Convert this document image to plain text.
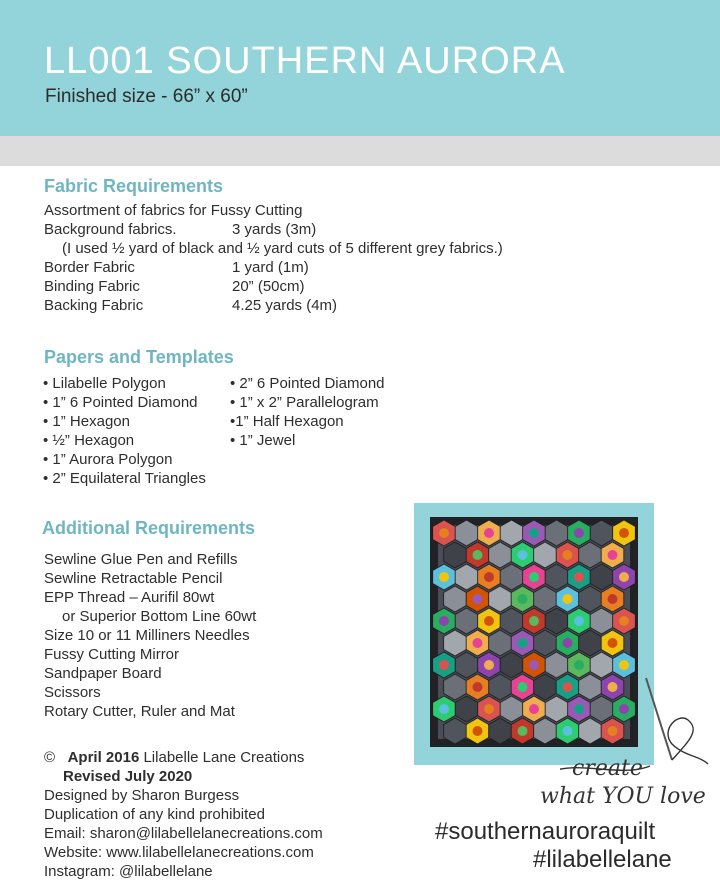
LL001 SOUTHERN AURORA
Finished size - 66” x 60”
Fabric Requirements
Assortment of fabrics for Fussy Cutting
Background fabrics.	3 yards (3m)
(I used ½ yard of black and ½ yard cuts of 5 different grey fabrics.)
Border Fabric	1 yard (1m)
Binding Fabric	20” (50cm)
Backing Fabric	4.25 yards (4m)
Papers and Templates
• Lilabelle Polygon
• 1” 6 Pointed Diamond
• 1” Hexagon
• ½” Hexagon
• 1” Aurora Polygon
• 2” Equilateral Triangles
• 2” 6 Pointed Diamond
• 1” x 2” Parallelogram
•1” Half Hexagon
• 1” Jewel
Additional Requirements
Sewline Glue Pen and Refills
Sewline Retractable Pencil
EPP Thread – Aurifil 80wt
or Superior Bottom Line 60wt
Size 10 or 11 Milliners Needles
Fussy Cutting Mirror
Sandpaper Board
Scissors
Rotary Cutter, Ruler and Mat
© April 2016 Lilabelle Lane Creations
Revised July 2020
Designed by Sharon Burgess
Duplication of any kind prohibited
Email: sharon@lilabellelanecreations.com
Website: www.lilabellelanecreations.com
Instagram: @lilabellelane
create
what YOU love
#southernauroraquilt
#lilabellelane
